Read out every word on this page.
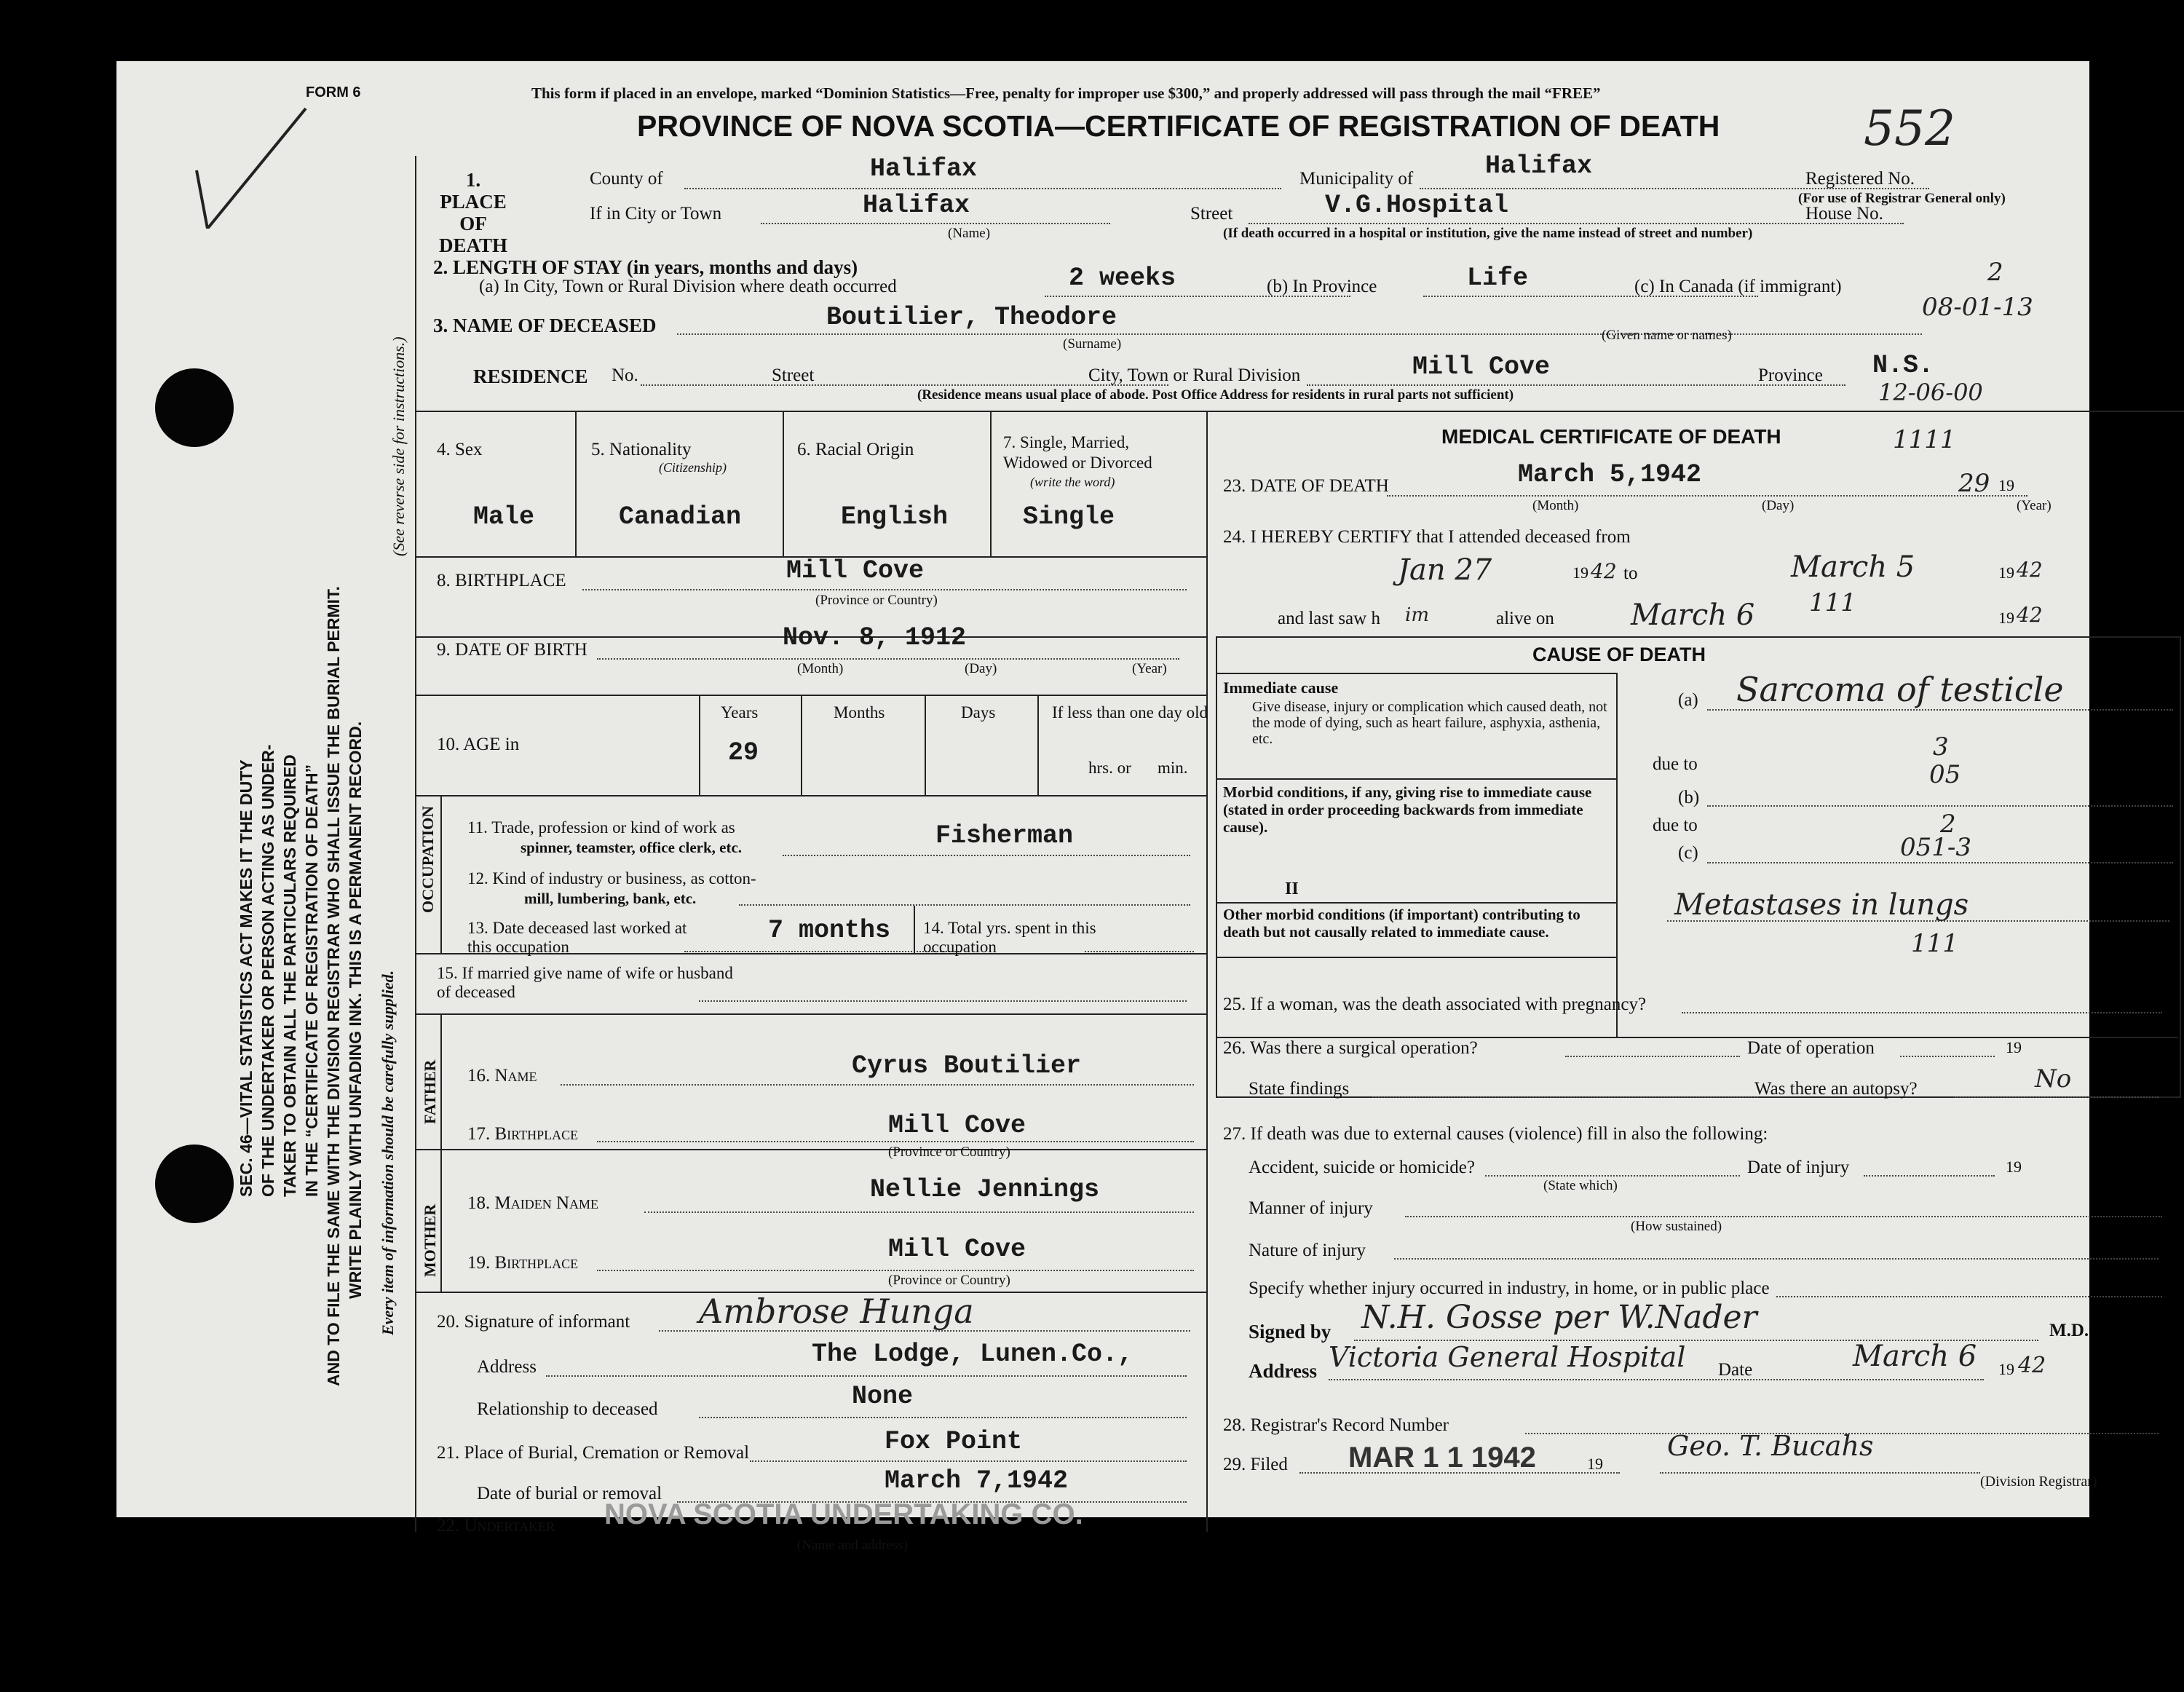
SEC. 46—VITAL STATISTICS ACT MAKES IT THE DUTY OF THE UNDERTAKER OR PERSON ACTING AS UNDER- TAKER TO OBTAIN ALL THE PARTICULARS REQUIRED IN THE “CERTIFICATE OF REGISTRATION OF DEATH” AND TO FILE THE SAME WITH THE DIVISION REGISTRAR WHO SHALL ISSUE THE BURIAL PERMIT. WRITE PLAINLY WITH UNFADING INK. THIS IS A PERMANENT RECORD. Every item of information should be carefully supplied.
(See reverse side for instructions.)
FORM 6	This form if placed in an envelope, marked “Dominion Statistics—Free, penalty for improper use $300,” and properly addressed will pass through the mail “FREE”
PROVINCE OF NOVA SCOTIA—CERTIFICATE OF REGISTRATION OF DEATH	552
1. PLACE OF DEATH
County of	Halifax	Municipality of	Halifax	Registered No.
(For use of Registrar General only)
If in City or Town	Halifax
(Name)
Street	V.G.Hospital	House No.
(If death occurred in a hospital or institution, give the name instead of street and number)
2. LENGTH OF STAY (in years, months and days)
(a) In City, Town or Rural Division where death occurred	2 weeks	(b) In Province	Life	(c) In Canada (if immigrant)	2
08-01-13
3. NAME OF DECEASED	Boutilier, Theodore
(Surname)
(Given name or names)
RESIDENCE No.	Street	City, Town or Rural Division	Mill Cove	Province N.S.
(Residence means usual place of abode. Post Office Address for residents in rural parts not sufficient)	12-06-00
4. Sex
Male
5. Nationality
(Citizenship)
Canadian
6. Racial Origin
English
7. Single, Married, Widowed or Divorced
(write the word)
Single
8. BIRTHPLACE	Mill Cove
(Province or Country)
9. DATE OF BIRTH	Nov. 8, 1912
(Month)	(Day)	(Year)
10. AGE in
Years
29
Months	Days	If less than one day old
hrs. or min.
OCCUPATION 11. Trade, profession or kind of work as
spinner, teamster, office clerk, etc.	Fisherman
12. Kind of industry or business, as cotton-
mill, lumbering, bank, etc.
13. Date deceased last worked at this occupation
7 months 14. Total yrs. spent in this occupation
15. If married give name of wife or husband of deceased
FATHER
MOTHER
16. Name	Cyrus Boutilier
17. Birthplace	Mill Cove
(Province or Country)
18. Maiden Name	Nellie Jennings
19. Birthplace	Mill Cove
(Province or Country)
20. Signature of informant Ambrose Hunga
Address	The Lodge, Lunen.Co.,
Relationship to deceased	None
21. Place of Burial, Cremation or Removal	Fox Point
Date of burial or removal	March 7,1942
MEDICAL CERTIFICATE OF DEATH	1111
23. DATE OF DEATH	March 5,1942
(Month)	(Day)	(Year)
29 19
24. I HEREBY CERTIFY that I attended deceased from
Jan 27	19 42 to	March 5	19 42
and last saw h im	alive on	March 6 111
19 42
CAUSE OF DEATH
Immediate cause
Give disease, injury or complication which caused death, not the mode of dying, such as heart failure, asphyxia, asthenia, etc.
(a) Sarcoma of testicle
3
due to	05
Morbid conditions, if any, giving rise to immediate cause (stated in order proceeding backwards from immediate cause).
(b)
2
due to
(c)	051-3
II
Other morbid conditions (if important) contributing to death but not causally related to immediate cause.
Metastases in lungs
111
25. If a woman, was the death associated with pregnancy?
26. Was there a surgical operation?	Date of operation	19
State findings	Was there an autopsy?	No
27. If death was due to external causes (violence) fill in also the following:
Accident, suicide or homicide?
(State which)
Date of injury	19
Manner of injury
(How sustained)
Nature of injury
Specify whether injury occurred in industry, in home, or in public place
Signed by N.H. Gosse per W.Nader	M.D.
Address Victoria General Hospital Date	March 6 19 42
28. Registrar's Record Number
29. Filed MAR 1 1 1942	19
Geo. T. Bucahs
(Division Registrar)
22. Undertaker NOVA SCOTIA UNDERTAKING CO.
(Name and address)
